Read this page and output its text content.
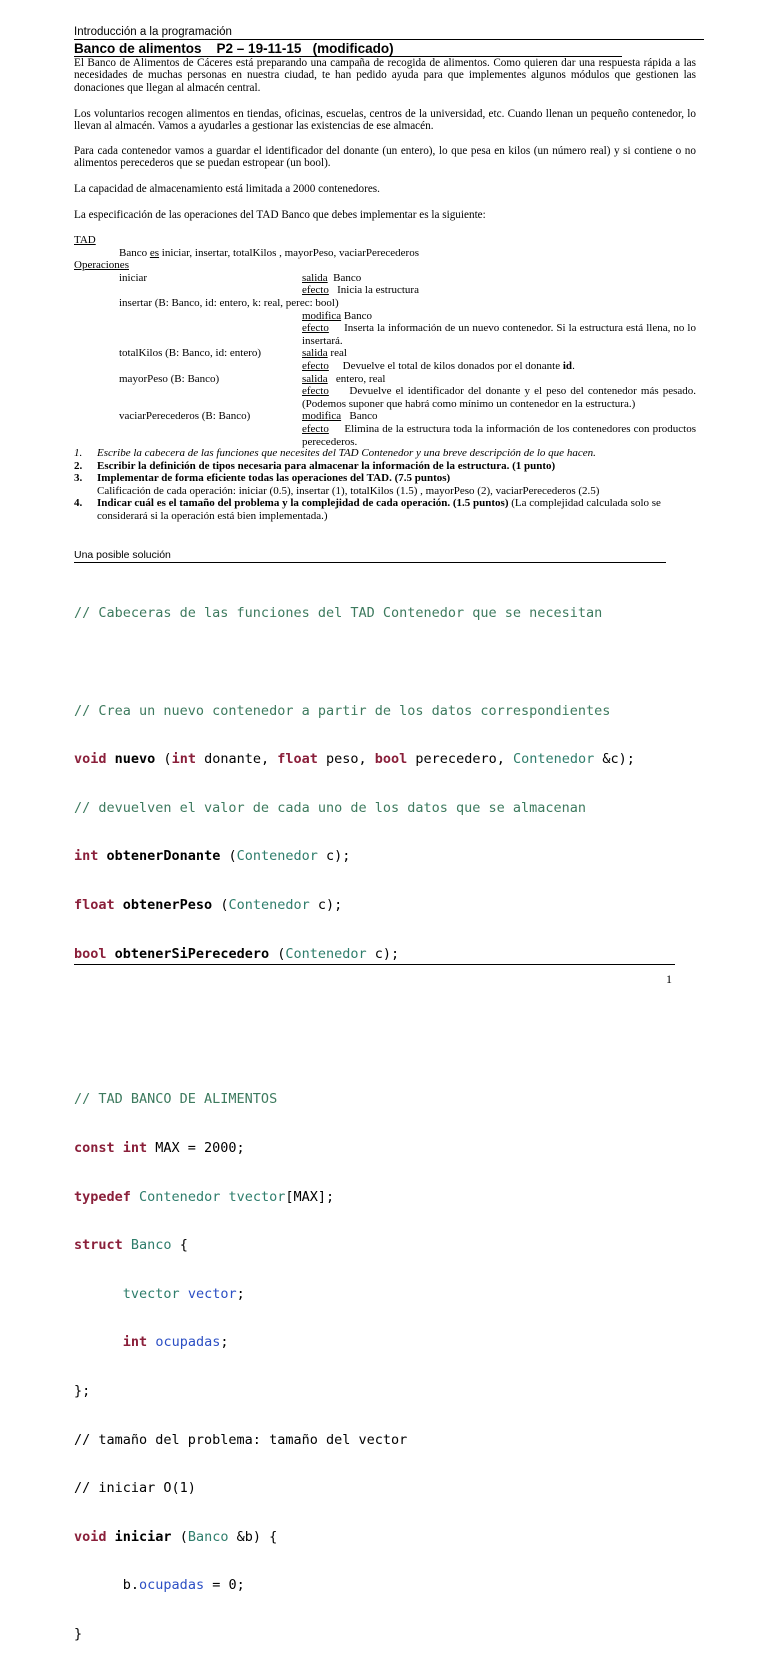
Introducción a la programación
Banco de alimentos    P2 – 19-11-15   (modificado)
El Banco de Alimentos de Cáceres está preparando una campaña de recogida de alimentos. Como quieren dar una respuesta rápida a las necesidades de muchas personas en nuestra ciudad, te han pedido ayuda para que implementes algunos módulos que gestionen las donaciones que llegan al almacén central.
Los voluntarios recogen alimentos en tiendas, oficinas, escuelas, centros de la universidad, etc. Cuando llenan un pequeño contenedor, lo llevan al almacén. Vamos a ayudarles a gestionar las existencias de ese almacén.
Para cada contenedor vamos a guardar el identificador del donante (un entero), lo que pesa en kilos (un número real) y si contiene o no alimentos perecederos que se puedan estropear (un bool).
La capacidad de almacenamiento está limitada a 2000 contenedores.
La especificación de las operaciones del TAD Banco que debes implementar es la siguiente:
TAD
Banco es iniciar, insertar, totalKilos , mayorPeso, vaciarPerecederos
Operaciones
iniciar	salida Banco
efecto Inicia la estructura
insertar (B: Banco, id: entero, k: real, perec: bool)
modifica Banco
efecto Inserta la información de un nuevo contenedor. Si la estructura está llena, no lo insertará.
totalKilos (B: Banco, id: entero)	salida real
efecto Devuelve el total de kilos donados por el donante id.
mayorPeso (B: Banco)	salida entero, real
efecto Devuelve el identificador del donante y el peso del contenedor más pesado. (Podemos suponer que habrá como mínimo un contenedor en la estructura.)
vaciarPerecederos (B: Banco)	modifica Banco
efecto Elimina de la estructura toda la información de los contenedores con productos perecederos.
1. Escribe la cabecera de las funciones que necesites del TAD Contenedor y una breve descripción de lo que hacen.
2. Escribir la definición de tipos necesaria para almacenar la información de la estructura. (1 punto)
3. Implementar de forma eficiente todas las operaciones del TAD. (7.5 puntos)
Calificación de cada operación: iniciar (0.5), insertar (1), totalKilos (1.5) , mayorPeso (2), vaciarPerecederos (2.5)
4. Indicar cuál es el tamaño del problema y la complejidad de cada operación. (1.5 puntos) (La complejidad calculada solo se considerará si la operación está bien implementada.)
Una posible solución

// Cabeceras de las funciones del TAD Contenedor que se necesitan

// Crea un nuevo contenedor a partir de los datos correspondientes

void nuevo (int donante, float peso, bool perecedero, Contenedor &c);

// devuelven el valor de cada uno de los datos que se almacenan

int obtenerDonante (Contenedor c);

float obtenerPeso (Contenedor c);

bool obtenerSiPerecedero (Contenedor c);

// TAD BANCO DE ALIMENTOS

const int MAX = 2000;

typedef Contenedor tvector[MAX];

struct Banco {

tvector vector;

int ocupadas;

};

// tamaño del problema: tamaño del vector

// iniciar O(1)

void iniciar (Banco &b) {

b.ocupadas = 0;

}

1
